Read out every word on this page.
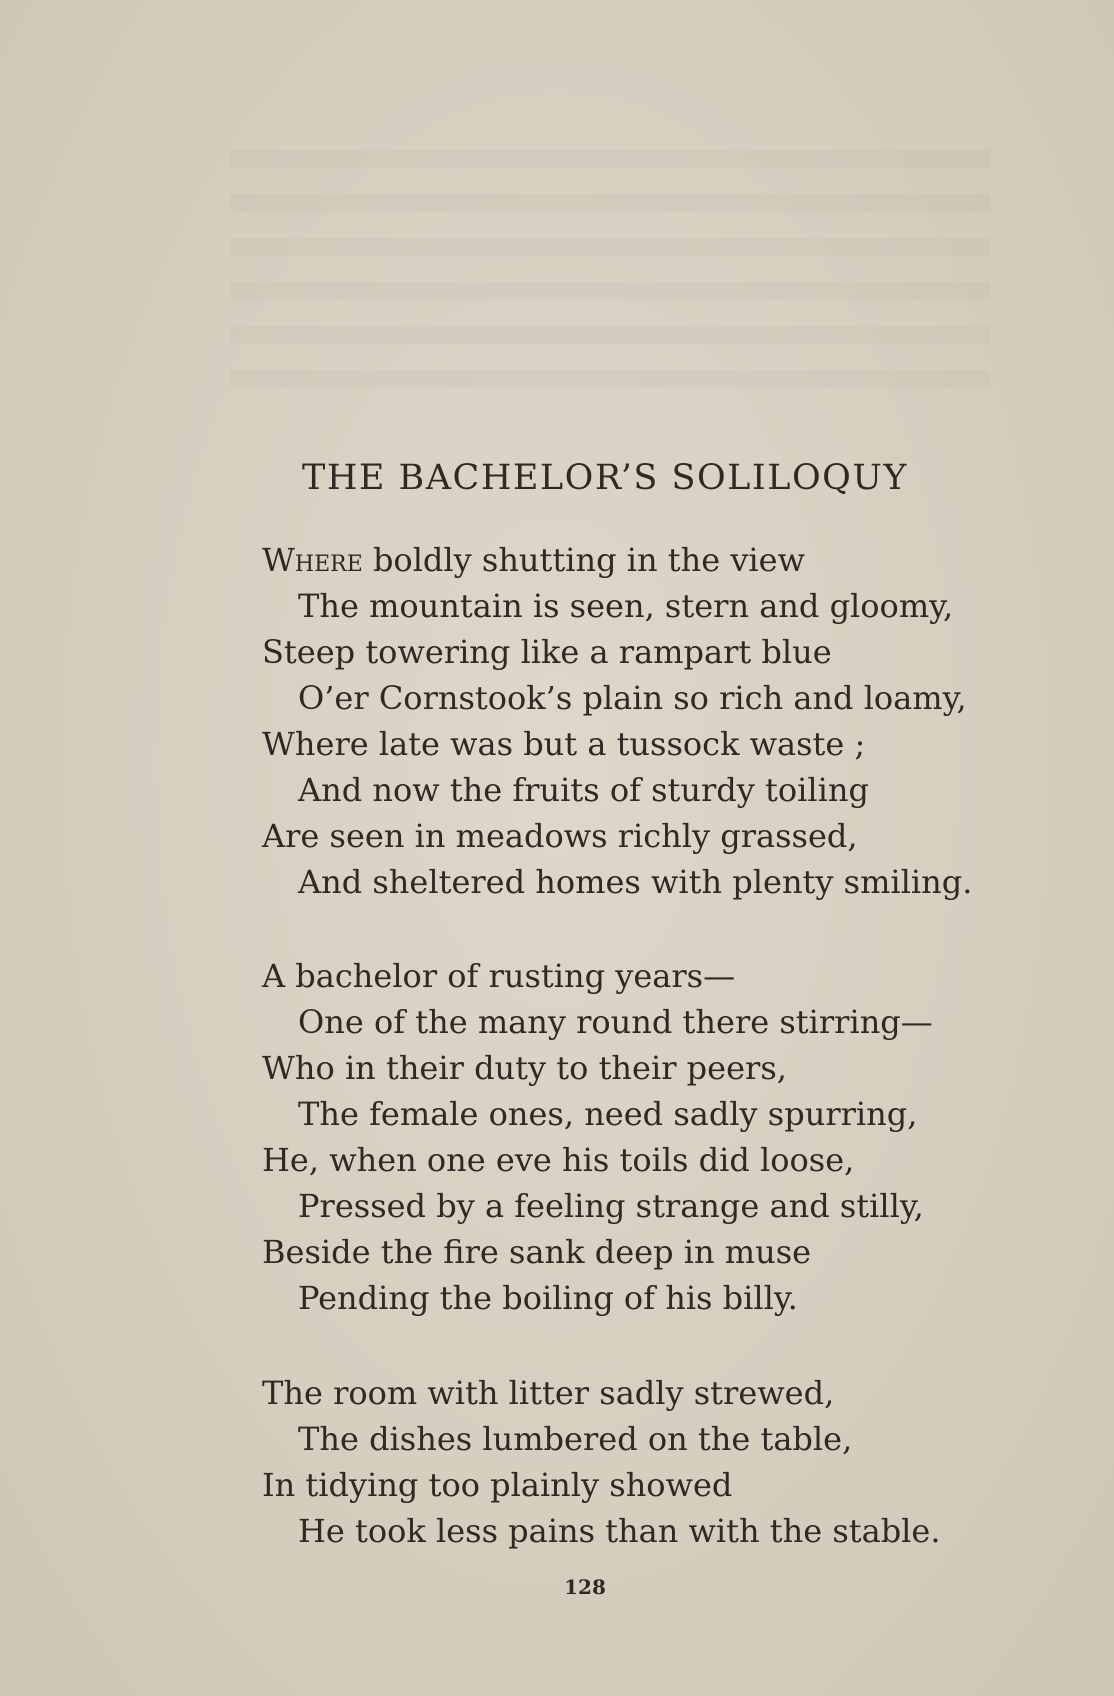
THE BACHELOR’S SOLILOQUY
Where boldly shutting in the view
The mountain is seen, stern and gloomy,
Steep towering like a rampart blue
O’er Cornstook’s plain so rich and loamy,
Where late was but a tussock waste ;
And now the fruits of sturdy toiling
Are seen in meadows richly grassed,
And sheltered homes with plenty smiling.
A bachelor of rusting years—
One of the many round there stirring—
Who in their duty to their peers,
The female ones, need sadly spurring,
He, when one eve his toils did loose,
Pressed by a feeling strange and stilly,
Beside the fire sank deep in muse
Pending the boiling of his billy.
The room with litter sadly strewed,
The dishes lumbered on the table,
In tidying too plainly showed
He took less pains than with the stable.
128
